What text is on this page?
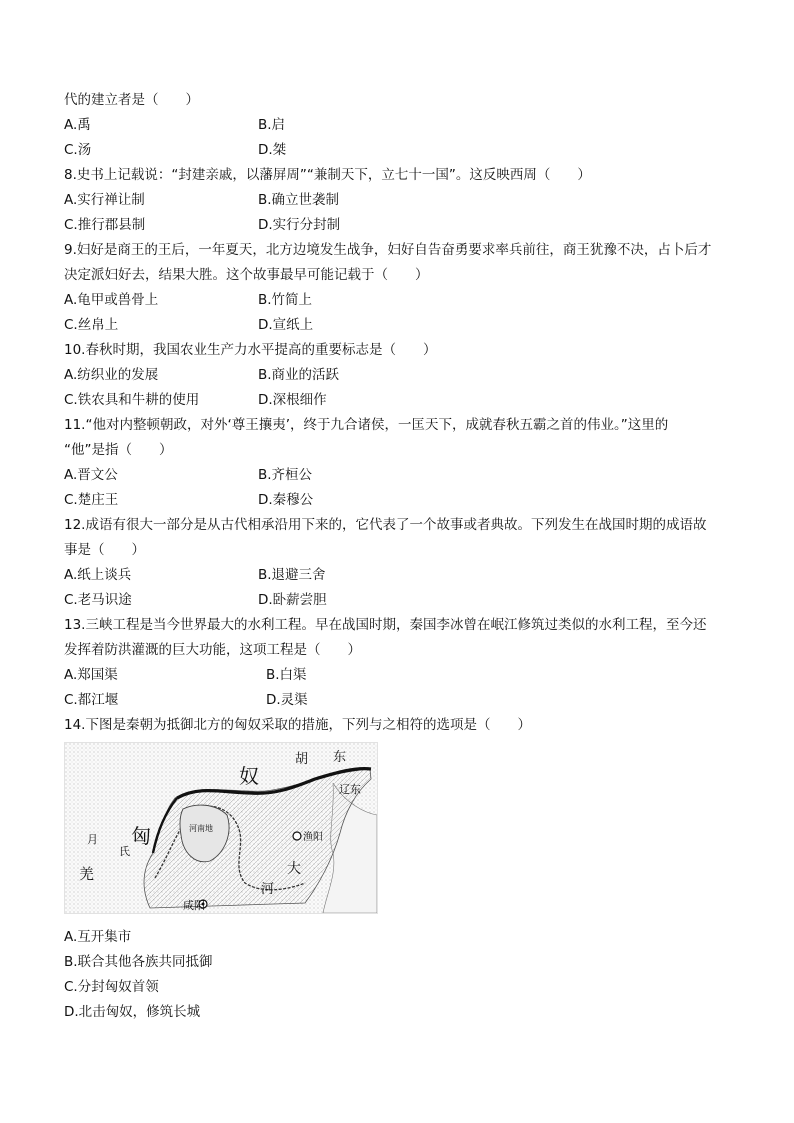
代的建立者是（　　）
A.禹	B.启
C.汤	D.桀
8.史书上记载说：“封建亲戚，以藩屏周”“兼制天下，立七十一国”。这反映西周（　　）
A.实行禅让制	B.确立世袭制
C.推行郡县制	D.实行分封制
9.妇好是商王的王后，一年夏天，北方边境发生战争，妇好自告奋勇要求率兵前往，商王犹豫不决，占卜后才
决定派妇好去，结果大胜。这个故事最早可能记载于（　　）
A.龟甲或兽骨上	B.竹简上
C.丝帛上	D.宣纸上
10.春秋时期，我国农业生产力水平提高的重要标志是（　　）
A.纺织业的发展	B.商业的活跃
C.铁农具和牛耕的使用	D.深根细作
11.“他对内整顿朝政，对外‘尊王攘夷’，终于九合诸侯，一匡天下，成就春秋五霸之首的伟业。”这里的
“他”是指（　　）
A.晋文公	B.齐桓公
C.楚庄王	D.秦穆公
12.成语有很大一部分是从古代相承沿用下来的，它代表了一个故事或者典故。下列发生在战国时期的成语故
事是（　　）
A.纸上谈兵	B.退避三舍
C.老马识途	D.卧薪尝胆
13.三峡工程是当今世界最大的水利工程。早在战国时期，秦国李冰曾在岷江修筑过类似的水利工程，至今还
发挥着防洪灌溉的巨大功能，这项工程是（　　）
A.郑国渠	B.白渠
C.都江堰	D.灵渠
14.下图是秦朝为抵御北方的匈奴采取的措施，下列与之相符的选项是（　　）
胡 东
奴
匈
辽东
渔阳
河南地
月
氏
羌
咸阳
大
河
A.互开集市
B.联合其他各族共同抵御
C.分封匈奴首领
D.北击匈奴，修筑长城
